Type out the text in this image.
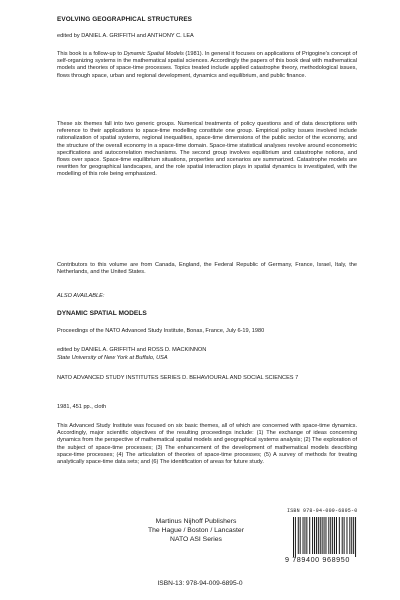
EVOLVING GEOGRAPHICAL STRUCTURES

edited by DANIEL A. GRIFFITH and ANTHONY C. LEA

This book is a follow-up to Dynamic Spatial Models (1981). In general it focuses on applications of Prigogine's concept of self-organizing systems in the mathematical spatial sciences. Accordingly the papers of this book deal with mathematical models and theories of space-time processes. Topics treated include applied catastrophe theory, methodological issues, flows through space, urban and regional development, dynamics and equilibrium, and public finance.

These six themes fall into two generic groups. Numerical treatments of policy questions and of data descriptions with reference to their applications to space-time modelling constitute one group. Empirical policy issues involved include rationalization of spatial systems, regional inequalities, space-time dimensions of the public sector of the economy, and the structure of the overall economy in a space-time domain. Space-time statistical analyses revolve around econometric specifications and autocorrelation mechanisms. The second group involves equilibrium and catastrophe notions, and flows over space. Space-time equilibrium situations, properties and scenarios are summarized. Catastrophe models are rewritten for geographical landscapes, and the role spatial interaction plays in spatial dynamics is investigated, with the modelling of this role being emphasized.

Contributors to this volume are from Canada, England, the Federal Republic of Germany, France, Israel, Italy, the Netherlands, and the United States.

ALSO AVAILABLE:

DYNAMIC SPATIAL MODELS

Proceedings of the NATO Advanced Study Institute, Bonas, France, July 6-19, 1980

edited by DANIEL A. GRIFFITH and ROSS D. MACKINNON

State University of New York at Buffalo, USA

NATO ADVANCED STUDY INSTITUTES SERIES D. BEHAVIOURAL AND SOCIAL SCIENCES 7

1981, 451 pp., cloth

This Advanced Study Institute was focused on six basic themes, all of which are concerned with space-time dynamics. Accordingly, major scientific objectives of the resulting proceedings include: (1) The exchange of ideas concerning dynamics from the perspective of mathematical spatial models and geographical systems analysis; (2) The exploration of the subject of space-time processes; (3) The enhancement of the development of mathematical models describing space-time processes; (4) The articulation of theories of space-time processes; (5) A survey of methods for treating analytically space-time data sets; and (6) The identification of areas for future study.

Martinus Nijhoff Publishers
The Hague / Boston / Lancaster
NATO ASI Series
ISBN 978-94-009-6895-0
9 789400 968950
ISBN-13: 978-94-009-6895-0
